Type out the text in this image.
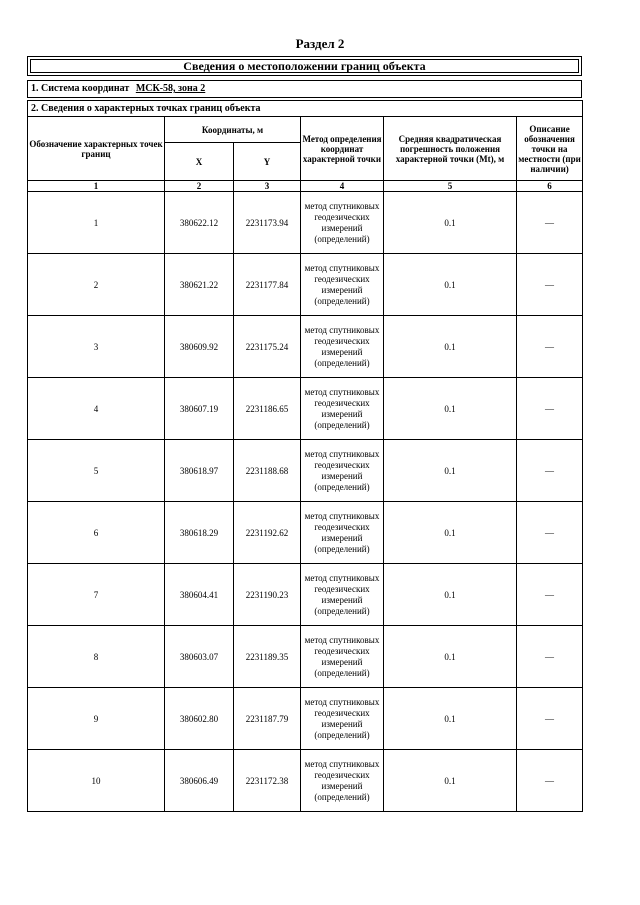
Раздел 2
Сведения о местоположении границ объекта
1. Система координат МСК-58, зона 2
2. Сведения о характерных точках границ объекта					
Обозначение характерных точек границ	Координаты, м		Метод определения координат характерной точки	Средняя квадратическая погрешность положения характерной точки (Mt), м	Описание обозначения точки на местности (при наличии)
	X	Y			
1	2	3	4	5	6
1	380622.12	2231173.94	метод спутниковых геодезических измерений (определений)	0.1	—
2	380621.22	2231177.84	метод спутниковых геодезических измерений (определений)	0.1	—
3	380609.92	2231175.24	метод спутниковых геодезических измерений (определений)	0.1	—
4	380607.19	2231186.65	метод спутниковых геодезических измерений (определений)	0.1	—
5	380618.97	2231188.68	метод спутниковых геодезических измерений (определений)	0.1	—
6	380618.29	2231192.62	метод спутниковых геодезических измерений (определений)	0.1	—
7	380604.41	2231190.23	метод спутниковых геодезических измерений (определений)	0.1	—
8	380603.07	2231189.35	метод спутниковых геодезических измерений (определений)	0.1	—
9	380602.80	2231187.79	метод спутниковых геодезических измерений (определений)	0.1	—
10	380606.49	2231172.38	метод спутниковых геодезических измерений (определений)	0.1	—
